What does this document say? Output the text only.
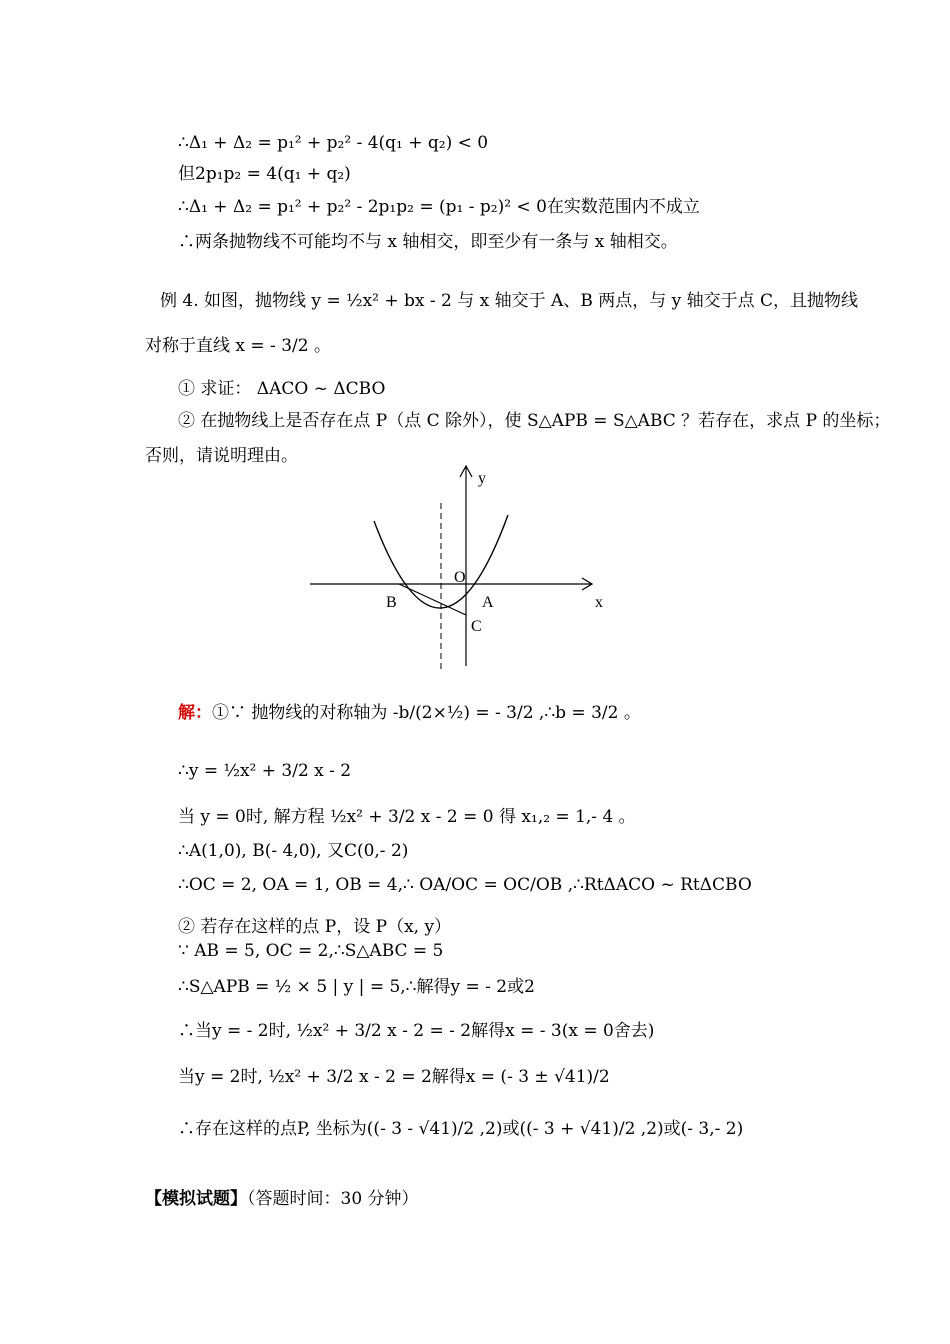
∴Δ₁ + Δ₂ = p₁² + p₂² - 4(q₁ + q₂) < 0
但2p₁p₂ = 4(q₁ + q₂)
∴Δ₁ + Δ₂ = p₁² + p₂² - 2p₁p₂ = (p₁ - p₂)² < 0在实数范围内不成立
∴两条抛物线不可能均不与 x 轴相交，即至少有一条与 x 轴相交。
例 4. 如图，抛物线 y = ½x² + bx - 2 与 x 轴交于 A、B 两点，与 y 轴交于点 C，且抛物线
对称于直线 x = - 3/2 。
① 求证： ΔACO ~ ΔCBO
② 在抛物线上是否存在点 P（点 C 除外），使 S△APB = S△ABC ？若存在，求点 P 的坐标；
否则，请说明理由。
y
x
O
A
B
C
解：①∵ 抛物线的对称轴为 -b/(2×½) = - 3/2 ,∴b = 3/2 。
∴y = ½x² + 3/2 x - 2
当 y = 0时, 解方程 ½x² + 3/2 x - 2 = 0 得 x₁,₂ = 1,- 4 。
∴A(1,0), B(- 4,0), 又C(0,- 2)
∴OC = 2, OA = 1, OB = 4,∴ OA/OC = OC/OB ,∴RtΔACO ~ RtΔCBO
② 若存在这样的点 P，设 P（x, y）
∵ AB = 5, OC = 2,∴S△ABC = 5
∴S△APB = ½ × 5 | y | = 5,∴解得y = - 2或2
∴当y = - 2时, ½x² + 3/2 x - 2 = - 2解得x = - 3(x = 0舍去)
当y = 2时, ½x² + 3/2 x - 2 = 2解得x = (- 3 ± √41)/2
∴存在这样的点P, 坐标为((- 3 - √41)/2 ,2)或((- 3 + √41)/2 ,2)或(- 3,- 2)
【模拟试题】（答题时间：30 分钟）
